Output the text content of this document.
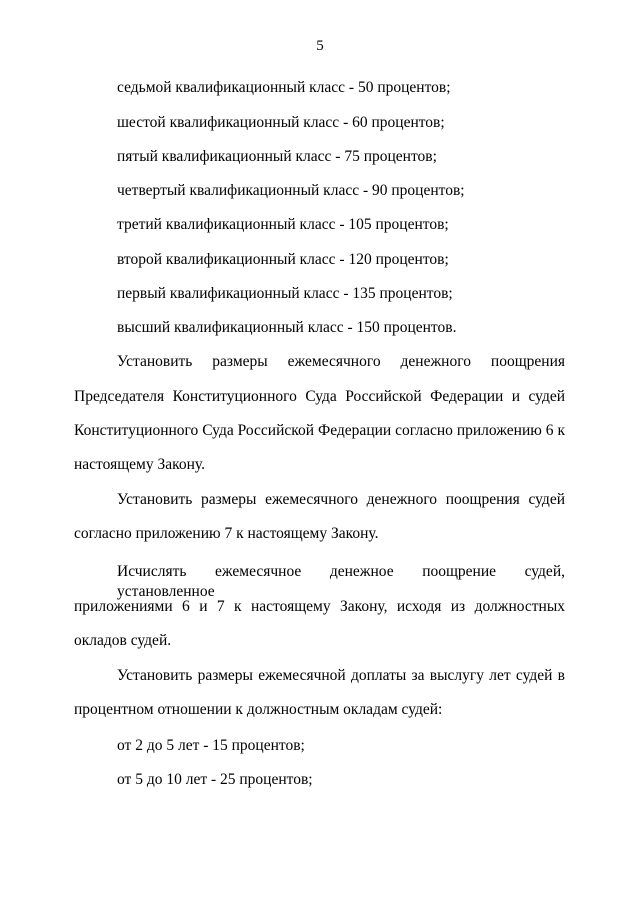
5
седьмой квалификационный класс - 50 процентов;
шестой квалификационный класс - 60 процентов;
пятый квалификационный класс - 75 процентов;
четвертый квалификационный класс - 90 процентов;
третий квалификационный класс - 105 процентов;
второй квалификационный класс - 120 процентов;
первый квалификационный класс - 135 процентов;
высший квалификационный класс - 150 процентов.
Установить размеры ежемесячного денежного поощрения
Председателя Конституционного Суда Российской Федерации и судей
Конституционного Суда Российской Федерации согласно приложению 6 к
настоящему Закону.
Установить размеры ежемесячного денежного поощрения судей
согласно приложению 7 к настоящему Закону.
Исчислять ежемесячное денежное поощрение судей, установленное
приложениями 6 и 7 к настоящему Закону, исходя из должностных
окладов судей.
Установить размеры ежемесячной доплаты за выслугу лет судей в
процентном отношении к должностным окладам судей:
от 2 до 5 лет - 15 процентов;
от 5 до 10 лет - 25 процентов;
